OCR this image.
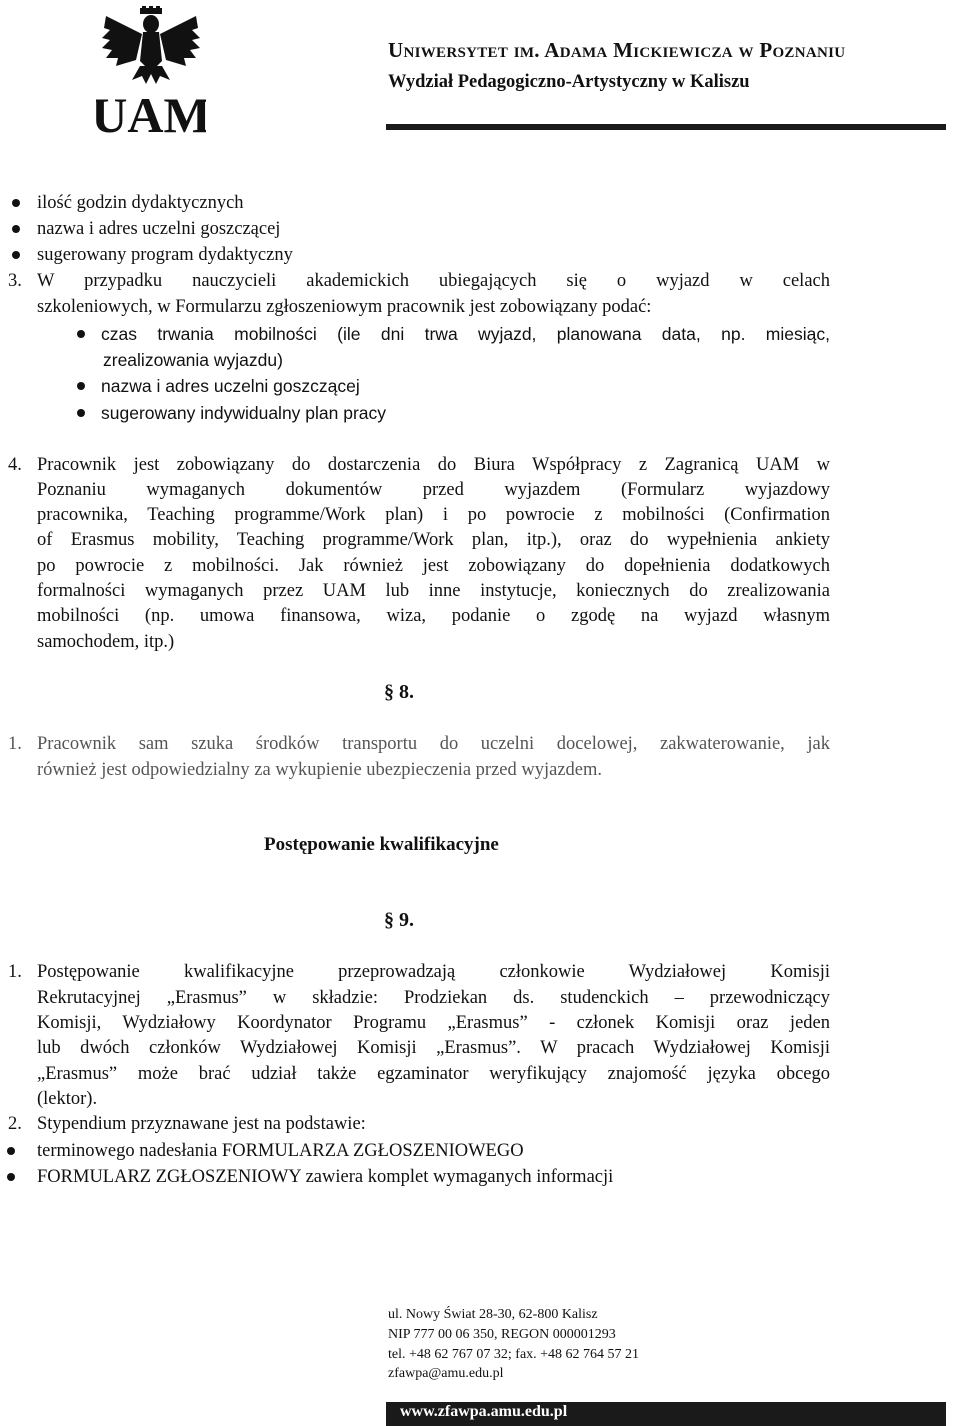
UAM
Uniwersytet im. Adama Mickiewicza w Poznaniu
Wydział Pedagogiczno-Artystyczny w Kaliszu
ilość godzin dydaktycznych
nazwa i adres uczelni goszczącej
sugerowany program dydaktyczny
3. W przypadku nauczycieli akademickich ubiegających się o wyjazd w celach
szkoleniowych, w Formularzu zgłoszeniowym pracownik jest zobowiązany podać:
czas trwania mobilności (ile dni trwa wyjazd, planowana data, np. miesiąc,
zrealizowania wyjazdu)
nazwa i adres uczelni goszczącej
sugerowany indywidualny plan pracy
4. Pracownik jest zobowiązany do dostarczenia do Biura Współpracy z Zagranicą UAM w
Poznaniu wymaganych dokumentów przed wyjazdem (Formularz wyjazdowy
pracownika, Teaching programme/Work plan) i po powrocie z mobilności (Confirmation
of Erasmus mobility, Teaching programme/Work plan, itp.), oraz do wypełnienia ankiety
po powrocie z mobilności. Jak również jest zobowiązany do dopełnienia dodatkowych
formalności wymaganych przez UAM lub inne instytucje, koniecznych do zrealizowania
mobilności (np. umowa finansowa, wiza, podanie o zgodę na wyjazd własnym
samochodem, itp.)
§ 8.
1. Pracownik sam szuka środków transportu do uczelni docelowej, zakwaterowanie, jak
również jest odpowiedzialny za wykupienie ubezpieczenia przed wyjazdem.
Postępowanie kwalifikacyjne
§ 9.
1. Postępowanie kwalifikacyjne przeprowadzają członkowie Wydziałowej Komisji
Rekrutacyjnej „Erasmus” w składzie: Prodziekan ds. studenckich – przewodniczący
Komisji, Wydziałowy Koordynator Programu „Erasmus” - członek Komisji oraz jeden
lub dwóch członków Wydziałowej Komisji „Erasmus”. W pracach Wydziałowej Komisji
„Erasmus” może brać udział także egzaminator weryfikujący znajomość języka obcego
(lektor).
2. Stypendium przyznawane jest na podstawie:
terminowego nadesłania FORMULARZA ZGŁOSZENIOWEGO
FORMULARZ ZGŁOSZENIOWY zawiera komplet wymaganych informacji
ul. Nowy Świat 28-30, 62-800 Kalisz
NIP 777 00 06 350, REGON 000001293
tel. +48 62 767 07 32; fax. +48 62 764 57 21
zfawpa@amu.edu.pl
www.zfawpa.amu.edu.pl
